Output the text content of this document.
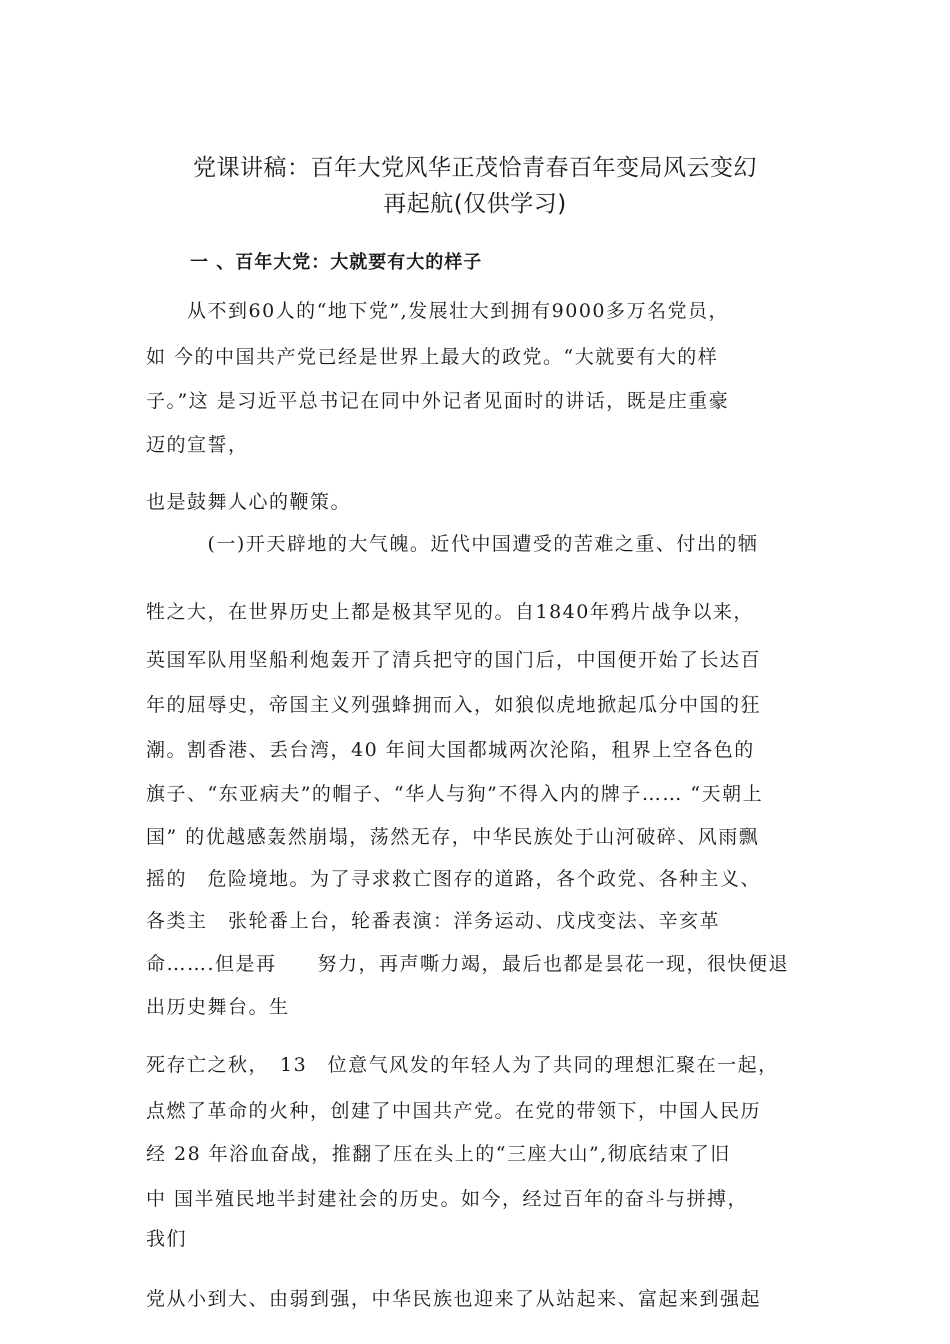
党课讲稿：百年大党风华正茂恰青春百年变局风云变幻
再起航(仅供学习)
一 、百年大党：大就要有大的样子
　　从不到60人的“地下党”,发展壮大到拥有9000多万名党员，
如 今的中国共产党已经是世界上最大的政党。“大就要有大的样
子。”这 是习近平总书记在同中外记者见面时的讲话，既是庄重豪
迈的宣誓，
也是鼓舞人心的鞭策。
　　　(一)开天辟地的大气魄。近代中国遭受的苦难之重、付出的牺
牲之大，在世界历史上都是极其罕见的。自1840年鸦片战争以来，
英国军队用坚船利炮轰开了清兵把守的国门后，中国便开始了长达百
年的屈辱史，帝国主义列强蜂拥而入，如狼似虎地掀起瓜分中国的狂
潮。割香港、丢台湾，40 年间大国都城两次沦陷，租界上空各色的
旗子、“东亚病夫”的帽子、“华人与狗”不得入内的牌子…… “天朝上
国” 的优越感轰然崩塌，荡然无存，中华民族处于山河破碎、风雨飘
摇的　危险境地。为了寻求救亡图存的道路，各个政党、各种主义、
各类主　张轮番上台，轮番表演：洋务运动、戊戌变法、辛亥革
命…….但是再　　努力，再声嘶力竭，最后也都是昙花一现，很快便退
出历史舞台。生
死存亡之秋，　13　位意气风发的年轻人为了共同的理想汇聚在一起，
点燃了革命的火种，创建了中国共产党。在党的带领下，中国人民历
经 28 年浴血奋战，推翻了压在头上的“三座大山”,彻底结束了旧
中 国半殖民地半封建社会的历史。如今，经过百年的奋斗与拼搏，
我们
党从小到大、由弱到强，中华民族也迎来了从站起来、富起来到强起
